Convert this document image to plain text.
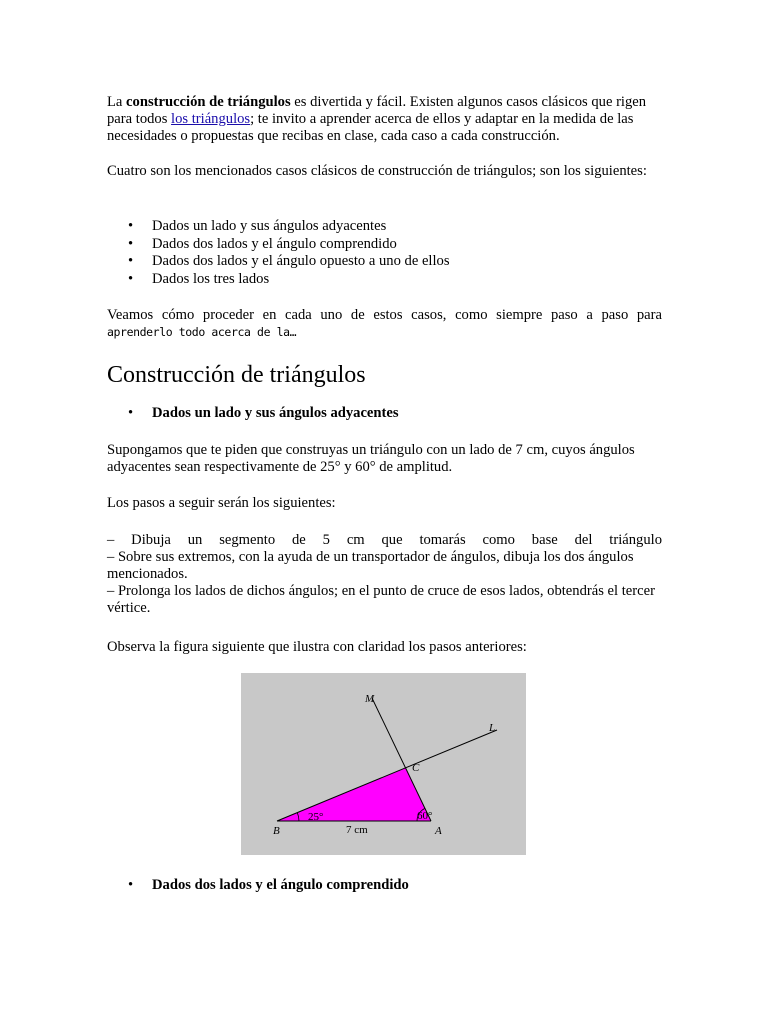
La construcción de triángulos es divertida y fácil. Existen algunos casos clásicos que rigen para todos los triángulos; te invito a aprender acerca de ellos y adaptar en la medida de las necesidades o propuestas que recibas en clase, cada caso a cada construcción.

Cuatro son los mencionados casos clásicos de construcción de triángulos; son los siguientes:

• Dados un lado y sus ángulos adyacentes
• Dados dos lados y el ángulo comprendido
• Dados dos lados y el ángulo opuesto a uno de ellos
• Dados los tres lados

Veamos cómo proceder en cada uno de estos casos, como siempre paso a paso para
aprenderlo todo acerca de la…

Construcción de triángulos

• Dados un lado y sus ángulos adyacentes

Supongamos que te piden que construyas un triángulo con un lado de 7 cm, cuyos ángulos adyacentes sean respectivamente de 25° y 60° de amplitud.

Los pasos a seguir serán los siguientes:

– Dibuja un segmento de 5 cm que tomarás como base del triángulo
– Sobre sus extremos, con la ayuda de un transportador de ángulos, dibuja los dos ángulos mencionados.
– Prolonga los lados de dichos ángulos; en el punto de cruce de esos lados, obtendrás el tercer vértice.

Observa la figura siguiente que ilustra con claridad los pasos anteriores:

M
L
C
B	A
25°	60°
7 cm

• Dados dos lados y el ángulo comprendido
